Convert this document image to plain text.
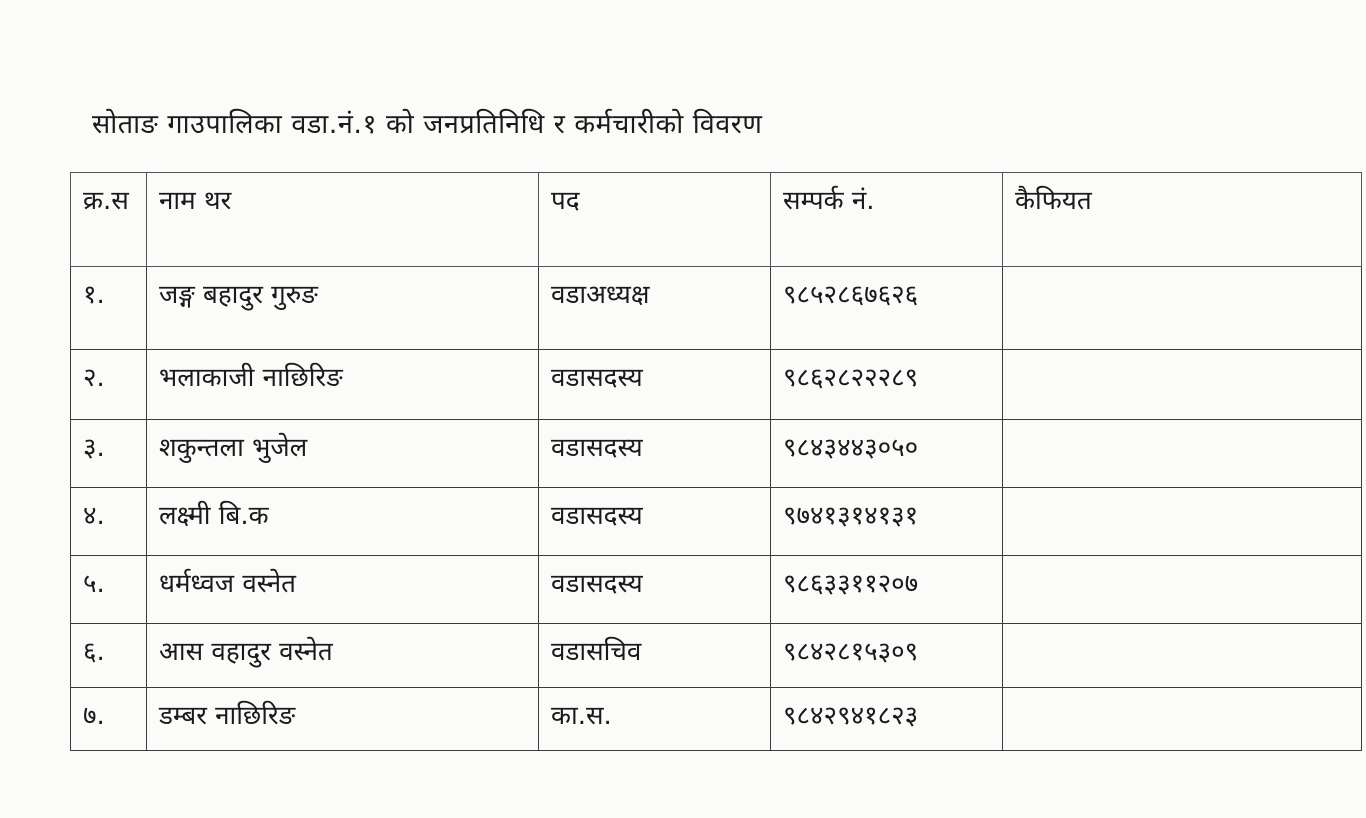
सोताङ गाउपालिका वडा.नं.१ को जनप्रतिनिधि र कर्मचारीको विवरण
क्र.स	नाम थर	पद	सम्पर्क नं.	कैफियत
१.	जङ्ग बहादुर गुरुङ	वडाअध्यक्ष	९८५२८६७६२६	
२.	भलाकाजी नाछिरिङ	वडासदस्य	९८६२८२२२८९	
३.	शकुन्तला भुजेल	वडासदस्य	९८४३४४३०५०	
४.	लक्ष्मी बि.क	वडासदस्य	९७४१३१४१३१	
५.	धर्मध्वज वस्नेत	वडासदस्य	९८६३३११२०७	
६.	आस वहादुर वस्नेत	वडासचिव	९८४२८१५३०९	
७.	डम्बर नाछिरिङ	का.स.	९८४२९४१८२३	
